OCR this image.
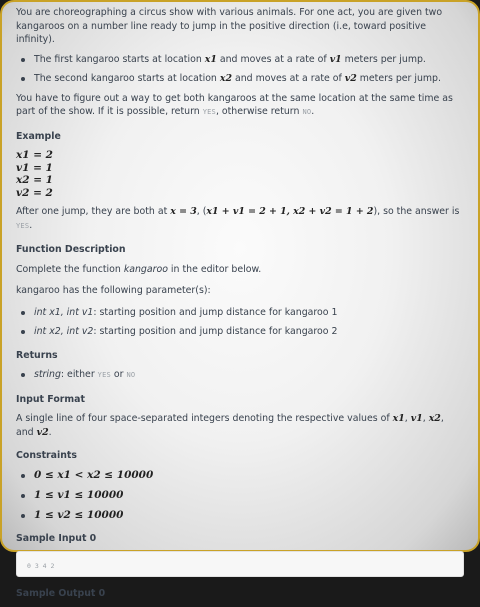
You are choreographing a circus show with various animals. For one act, you are given two kangaroos on a number line ready to jump in the positive direction (i.e, toward positive infinity).

The first kangaroo starts at location x1 and moves at a rate of v1 meters per jump.
The second kangaroo starts at location x2 and moves at a rate of v2 meters per jump.

You have to figure out a way to get both kangaroos at the same location at the same time as part of the show. If it is possible, return YES, otherwise return NO.

Example
x1 = 2
v1 = 1
x2 = 1
v2 = 2

After one jump, they are both at x = 3, (x1 + v1 = 2 + 1, x2 + v2 = 1 + 2), so the answer is YES.

Function Description

Complete the function kangaroo in the editor below.

kangaroo has the following parameter(s):

int x1, int v1: starting position and jump distance for kangaroo 1
int x2, int v2: starting position and jump distance for kangaroo 2
Returns
string: either YES or NO
Input Format

A single line of four space-separated integers denoting the respective values of x1, v1, x2, and v2.

Constraints
0 ≤ x1 < x2 ≤ 10000
1 ≤ v1 ≤ 10000
1 ≤ v2 ≤ 10000
Sample Input 0
0 3 4 2
Sample Output 0
